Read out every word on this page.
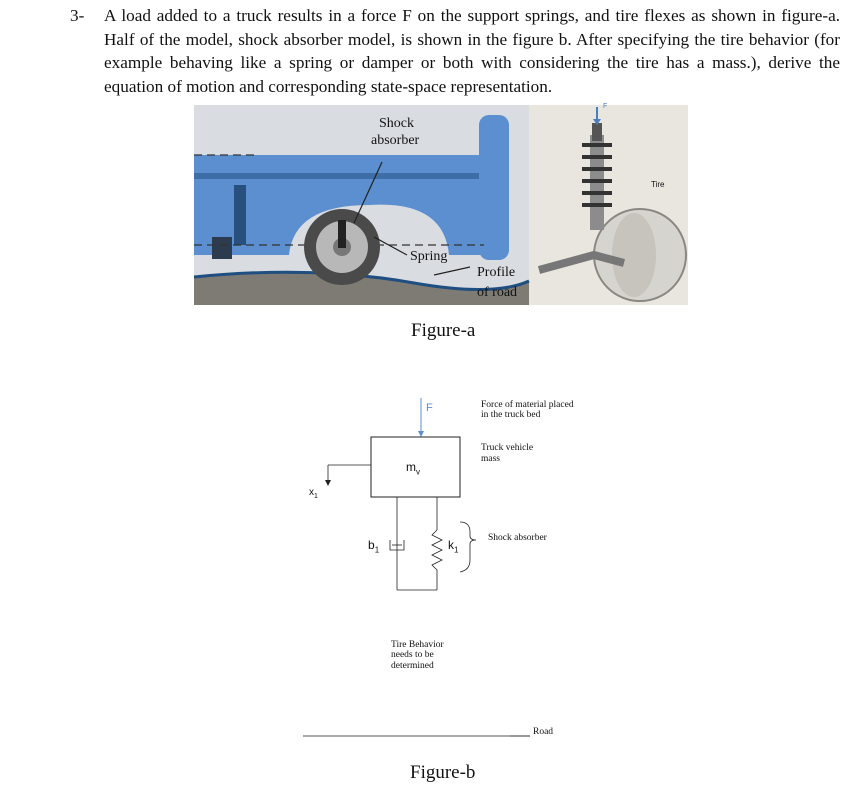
3- A load added to a truck results in a force F on the support springs, and tire flexes as shown in figure-a. Half of the model, shock absorber model, is shown in the figure b. After specifying the tire behavior (for example behaving like a spring or damper or both with considering the tire has a mass.), derive the equation of motion and corresponding state-space representation.
Shock
absorber
Spring
Profile
of road
Tire
F
Figure-a
F
$m_v$
$x_1$
$b_1$	$k_1$
Force of material placed
in the truck bed
Truck vehicle
mass
Shock absorber
Tire Behavior
needs to be
determined
Road
Figure-b
